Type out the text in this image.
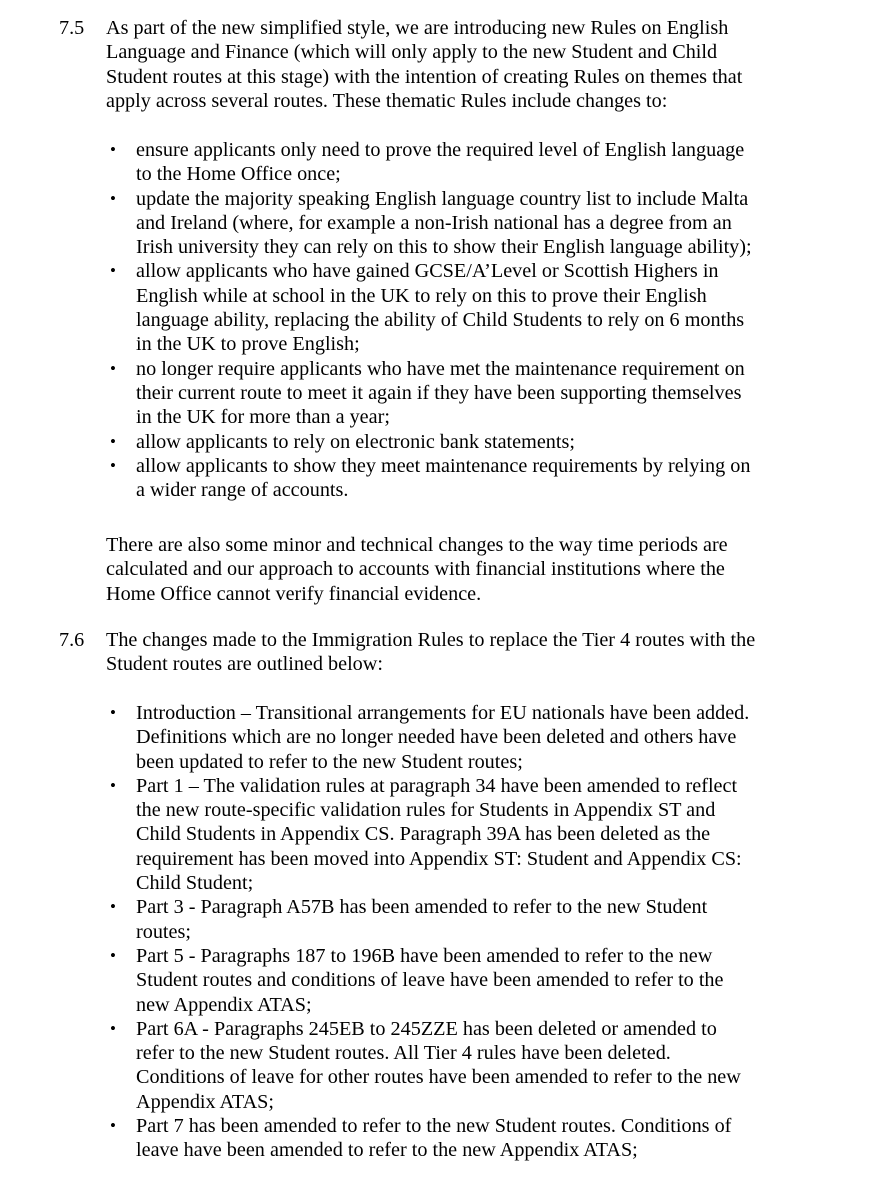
7.5 As part of the new simplified style, we are introducing new Rules on English
Language and Finance (which will only apply to the new Student and Child
Student routes at this stage) with the intention of creating Rules on themes that
apply across several routes. These thematic Rules include changes to:
• ensure applicants only need to prove the required level of English language
to the Home Office once;
• update the majority speaking English language country list to include Malta
and Ireland (where, for example a non-Irish national has a degree from an
Irish university they can rely on this to show their English language ability);
• allow applicants who have gained GCSE/A’Level or Scottish Highers in
English while at school in the UK to rely on this to prove their English
language ability, replacing the ability of Child Students to rely on 6 months
in the UK to prove English;
• no longer require applicants who have met the maintenance requirement on
their current route to meet it again if they have been supporting themselves
in the UK for more than a year;
• allow applicants to rely on electronic bank statements;
• allow applicants to show they meet maintenance requirements by relying on
a wider range of accounts.
There are also some minor and technical changes to the way time periods are
calculated and our approach to accounts with financial institutions where the
Home Office cannot verify financial evidence.
7.6 The changes made to the Immigration Rules to replace the Tier 4 routes with the
Student routes are outlined below:
• Introduction – Transitional arrangements for EU nationals have been added.
Definitions which are no longer needed have been deleted and others have
been updated to refer to the new Student routes;
• Part 1 – The validation rules at paragraph 34 have been amended to reflect
the new route-specific validation rules for Students in Appendix ST and
Child Students in Appendix CS. Paragraph 39A has been deleted as the
requirement has been moved into Appendix ST: Student and Appendix CS:
Child Student;
• Part 3 - Paragraph A57B has been amended to refer to the new Student
routes;
• Part 5 - Paragraphs 187 to 196B have been amended to refer to the new
Student routes and conditions of leave have been amended to refer to the
new Appendix ATAS;
• Part 6A - Paragraphs 245EB to 245ZZE has been deleted or amended to
refer to the new Student routes. All Tier 4 rules have been deleted.
Conditions of leave for other routes have been amended to refer to the new
Appendix ATAS;
• Part 7 has been amended to refer to the new Student routes. Conditions of
leave have been amended to refer to the new Appendix ATAS;
